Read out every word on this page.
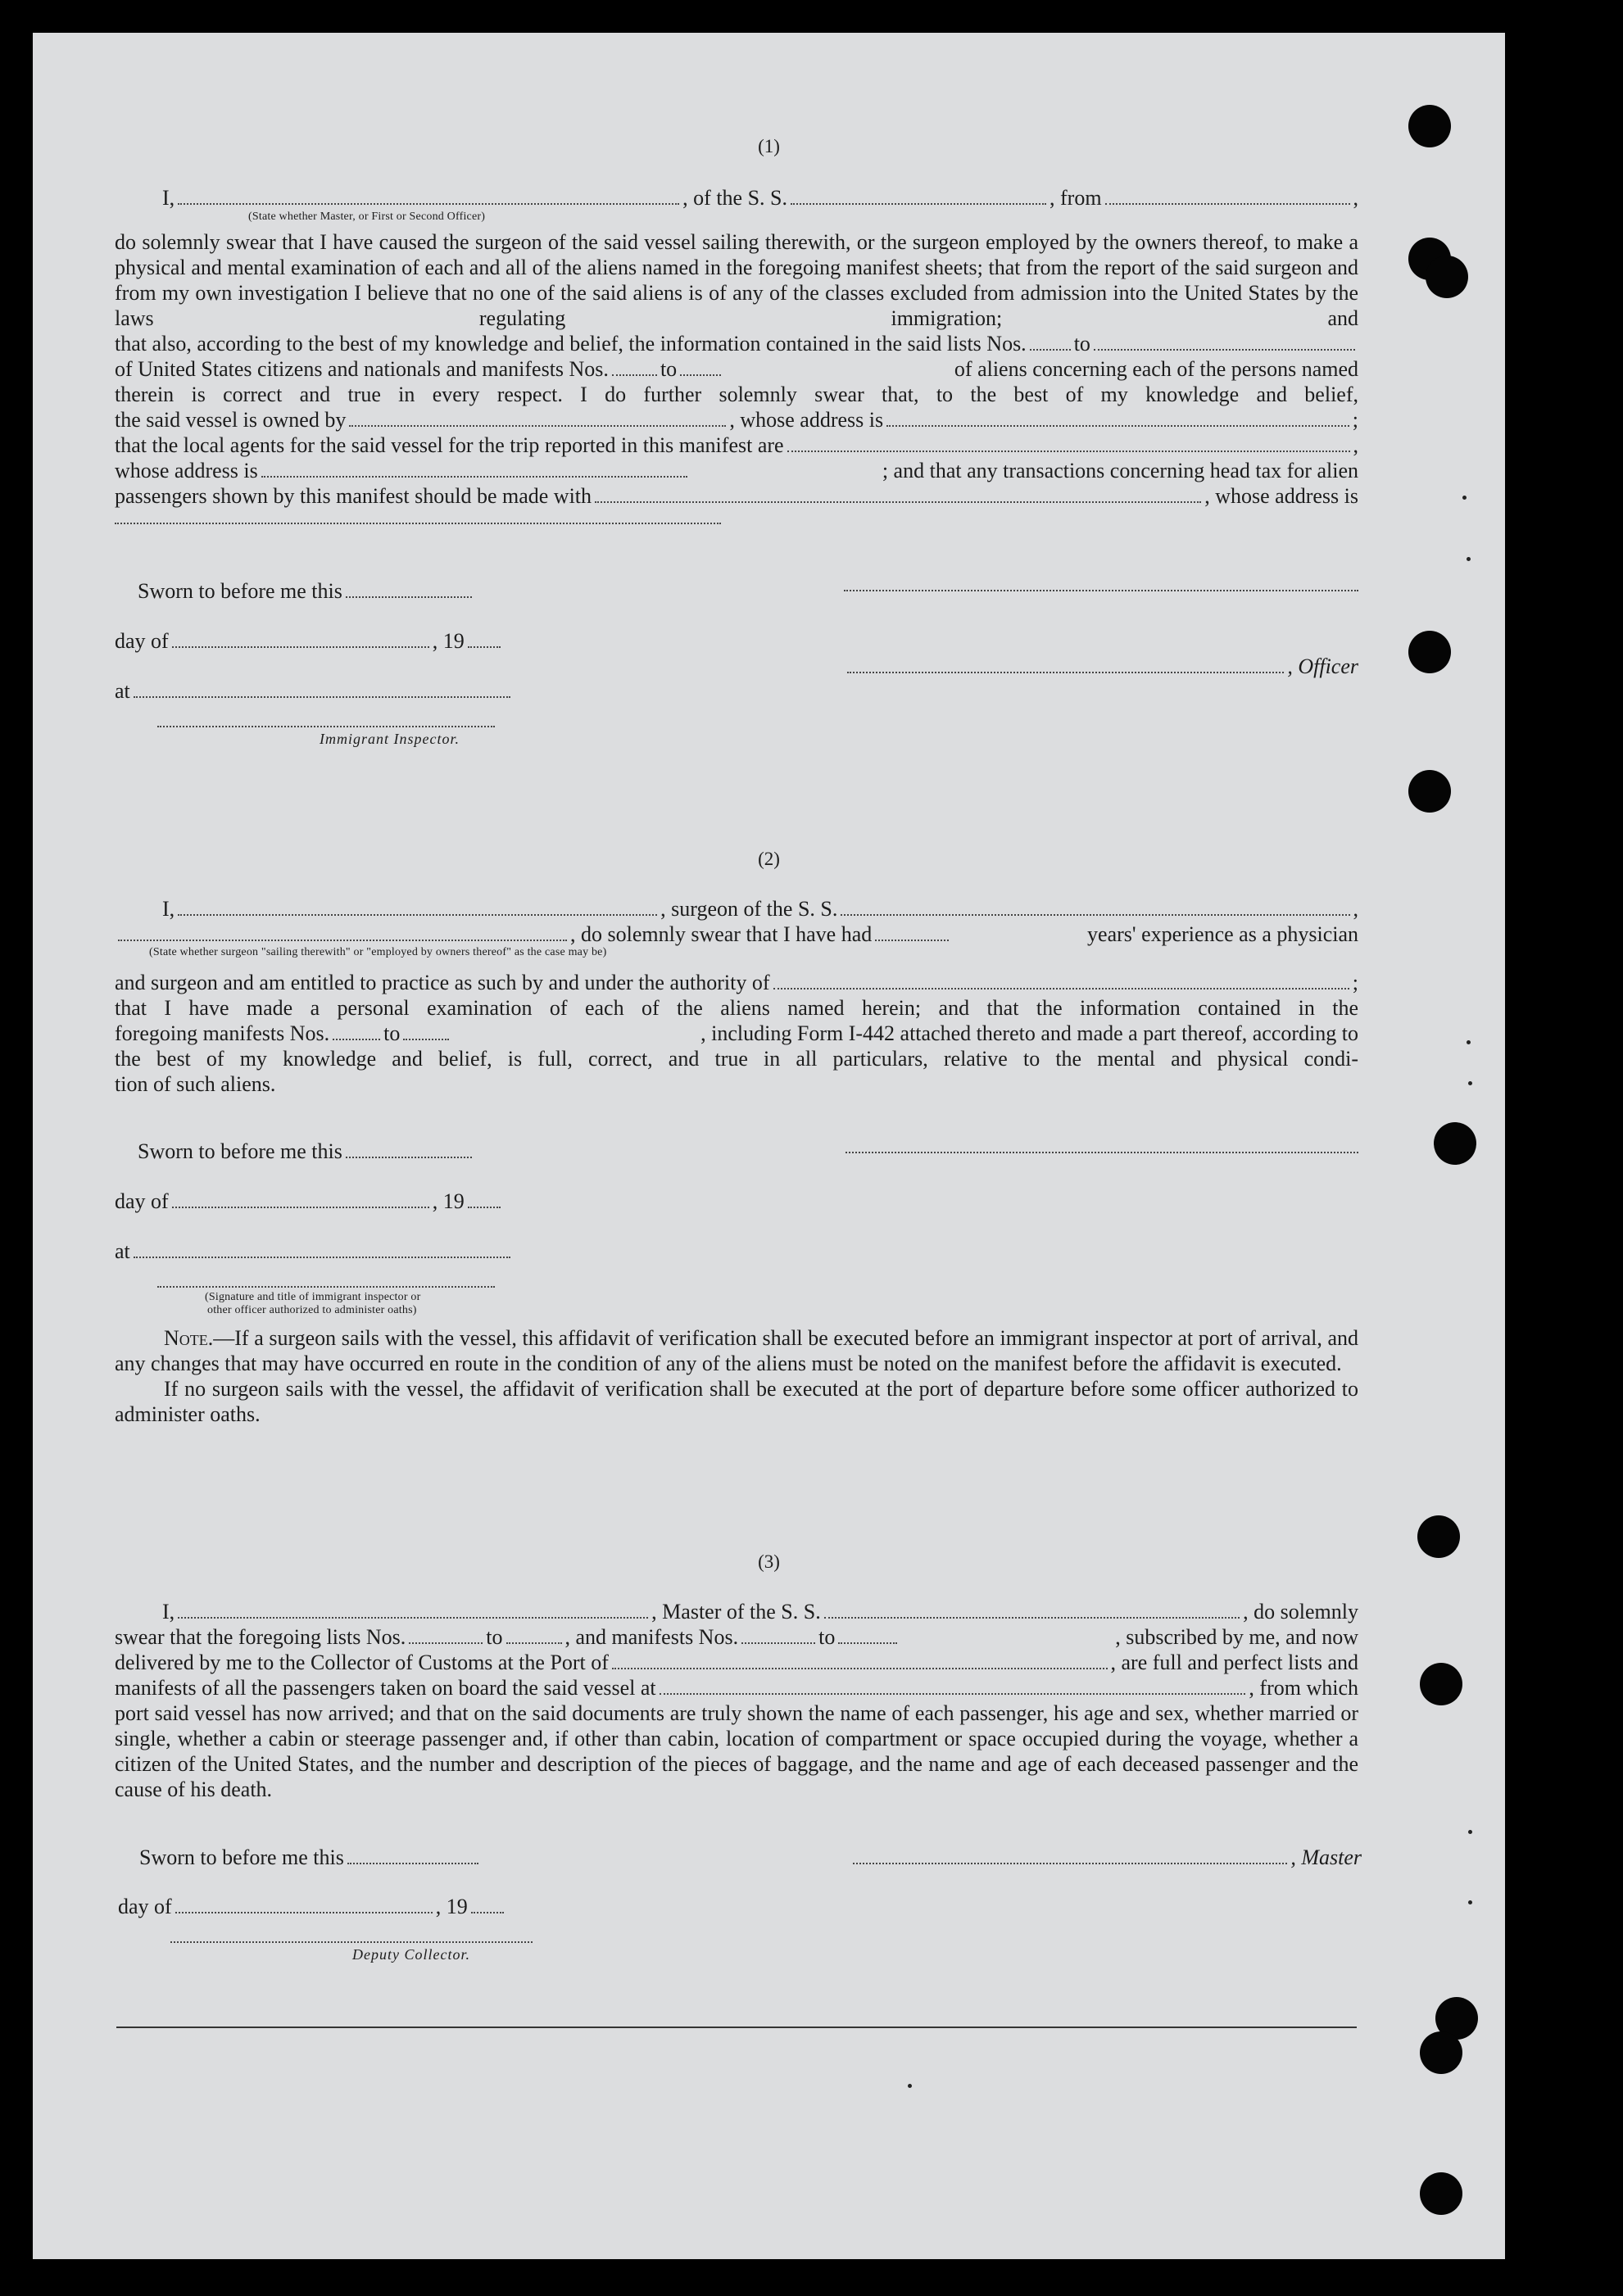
(1)
I,	, of the S. S.	, from	,
(State whether Master, or First or Second Officer)

do solemnly swear that I have caused the surgeon of the said vessel sailing therewith, or the surgeon employed by the owners thereof, to make a physical and mental examination of each and all of the aliens named in the foregoing manifest sheets; that from the report of the said surgeon and from my own investigation I believe that no one of the said aliens is of any of the classes excluded from admission into the United States by the laws regulating immigration; and

that also, according to the best of my knowledge and belief, the information contained in the said lists Nos. to
of United States citizens and nationals and manifests Nos. to	of aliens concerning each of the persons named
therein is correct and true in every respect. I do further solemnly swear that, to the best of my knowledge and belief,
the said vessel is owned by	, whose address is	;
that the local agents for the said vessel for the trip reported in this manifest are	,
whose address is	; and that any transactions concerning head tax for alien
passengers shown by this manifest should be made with	, whose address is
Sworn to before me this
day of	, 19
, Officer
at
Immigrant Inspector.
(2)
I,	, surgeon of the S. S.	,
, do solemnly swear that I have had	years' experience as a physician
(State whether surgeon "sailing therewith" or "employed by owners thereof" as the case may be)
and surgeon and am entitled to practice as such by and under the authority of	;
that I have made a personal examination of each of the aliens named herein; and that the information contained in the
foregoing manifests Nos.	to	, including Form I-442 attached thereto and made a part thereof, according to
the best of my knowledge and belief, is full, correct, and true in all particulars, relative to the mental and physical condi-
tion of such aliens.
Sworn to before me this
day of	, 19
at
(Signature and title of immigrant inspector or
other officer authorized to administer oaths)

Note.—If a surgeon sails with the vessel, this affidavit of verification shall be executed before an immigrant inspector at port of arrival, and any changes that may have occurred en route in the condition of any of the aliens must be noted on the manifest before the affidavit is executed.

If no surgeon sails with the vessel, the affidavit of verification shall be executed at the port of departure before some officer authorized to administer oaths.

(3)
I,	, Master of the S. S.	, do solemnly
swear that the foregoing lists Nos.	to	, and manifests Nos.	to	, subscribed by me, and now
delivered by me to the Collector of Customs at the Port of	, are full and perfect lists and
manifests of all the passengers taken on board the said vessel at	, from which

port said vessel has now arrived; and that on the said documents are truly shown the name of each passenger, his age and sex, whether married or single, whether a cabin or steerage passenger and, if other than cabin, location of compartment or space occupied during the voyage, whether a citizen of the United States, and the number and description of the pieces of baggage, and the name and age of each deceased passenger and the cause of his death.

Sworn to before me this	, Master
day of	, 19
Deputy Collector.
